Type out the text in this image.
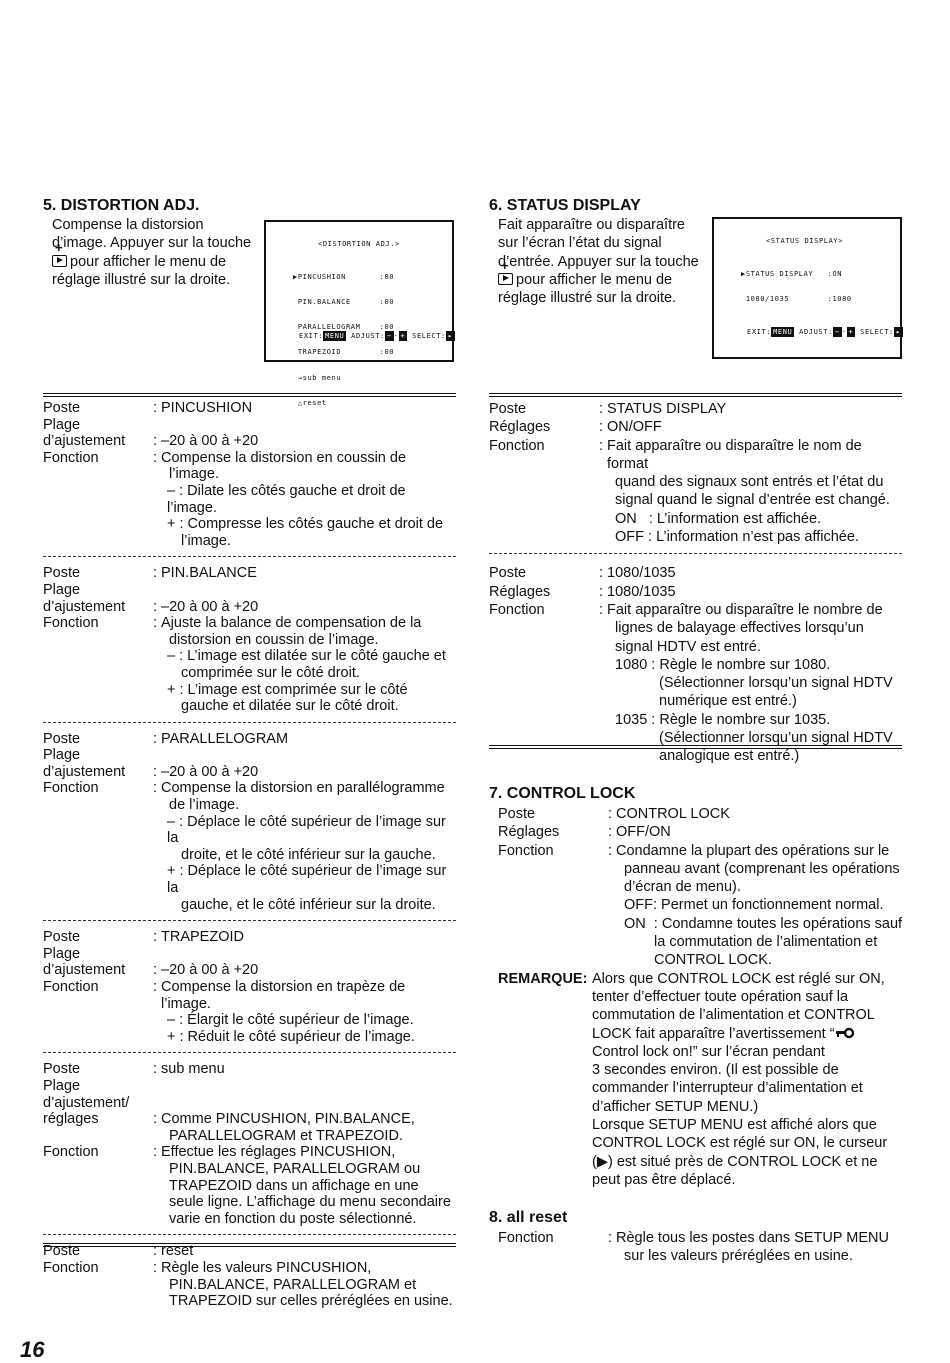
5. DISTORTION ADJ.
Compense la distorsion
d’image. Appuyer sur la touche
+pour afficher le menu de
réglage illustré sur la droite.
<DISTORTION ADJ.>

▶PINCUSHION       :00

PIN.BALANCE      :00

PARALLELOGRAM    :00

TRAPEZOID        :00

→sub menu

△reset

EXIT: MENU ADJUST: − · + SELECT: ▸
6. STATUS DISPLAY
Fait apparaître ou disparaître
sur l’écran l’état du signal
d’entrée. Appuyer sur la touche
+pour afficher le menu de
réglage illustré sur la droite.
<STATUS DISPLAY>

▶STATUS DISPLAY   :ON

1080/1035        :1080

EXIT: MENU ADJUST: − · + SELECT: ▸
Poste	: PINCUSHION
Plage

d’ajustement	: –20 à 00 à +20
Fonction	: Compense la distorsion en coussin de
l’image.
– : Dilate les côtés gauche et droit de l’image.
+ : Compresse les côtés gauche et droit de
l’image.
Poste	: PIN.BALANCE
Plage

d’ajustement	: –20 à 00 à +20
Fonction	: Ajuste la balance de compensation de la
distorsion en coussin de l’image.
– : L’image est dilatée sur le côté gauche et
comprimée sur le côté droit.
+ : L’image est comprimée sur le côté
gauche et dilatée sur le côté droit.
Poste	: PARALLELOGRAM
Plage

d’ajustement	: –20 à 00 à +20
Fonction	: Compense la distorsion en parallélogramme
de l’image.
– : Déplace le côté supérieur de l’image sur la
droite, et le côté inférieur sur la gauche.
+ : Déplace le côté supérieur de l’image sur la
gauche, et le côté inférieur sur la droite.
Poste	: TRAPEZOID
Plage

d’ajustement	: –20 à 00 à +20
Fonction	: Compense la distorsion en trapèze de l’image.
– : Élargit le côté supérieur de l’image.
+ : Réduit le côté supérieur de l’image.
Poste	: sub menu
Plage

d’ajustement/

réglages	: Comme PINCUSHION, PIN.BALANCE,
PARALLELOGRAM et TRAPEZOID.
Fonction	: Effectue les réglages PINCUSHION,
PIN.BALANCE, PARALLELOGRAM ou
TRAPEZOID dans un affichage en une
seule ligne. L’affichage du menu secondaire
varie en fonction du poste sélectionné.
Poste	: reset
Fonction	: Règle les valeurs PINCUSHION,
PIN.BALANCE, PARALLELOGRAM et
TRAPEZOID sur celles préréglées en usine.
Poste	: STATUS DISPLAY
Réglages	: ON/OFF
Fonction	: Fait apparaître ou disparaître le nom de format
quand des signaux sont entrés et l’état du
signal quand le signal d’entrée est changé.
ON   : L’information est affichée.
OFF : L’information n’est pas affichée.
Poste	: 1080/1035
Réglages	: 1080/1035
Fonction	: Fait apparaître ou disparaître le nombre de
lignes de balayage effectives lorsqu’un
signal HDTV est entré.
1080 : Règle le nombre sur 1080.
(Sélectionner lorsqu’un signal HDTV
numérique est entré.)
1035 : Règle le nombre sur 1035.
(Sélectionner lorsqu’un signal HDTV
analogique est entré.)
7. CONTROL LOCK
Poste	: CONTROL LOCK
Réglages	: OFF/ON
Fonction	: Condamne la plupart des opérations sur le
panneau avant (comprenant les opérations
d’écran de menu).
OFF: Permet un fonctionnement normal.
ON  : Condamne toutes les opérations sauf
la commutation de l’alimentation et
CONTROL LOCK.
REMARQUE: Alors que CONTROL LOCK est réglé sur ON,
tenter d’effectuer toute opération sauf la
commutation de l’alimentation et CONTROL
LOCK fait apparaître l’avertissement “
Control lock on!” sur l’écran pendant
3 secondes environ. (Il est possible de
commander l’interrupteur d’alimentation et
d’afficher SETUP MENU.)
Lorsque SETUP MENU est affiché alors que
CONTROL LOCK est réglé sur ON, le curseur
(▶) est situé près de CONTROL LOCK et ne
peut pas être déplacé.
8. all reset
Fonction	: Règle tous les postes dans SETUP MENU
sur les valeurs préréglées en usine.
16
